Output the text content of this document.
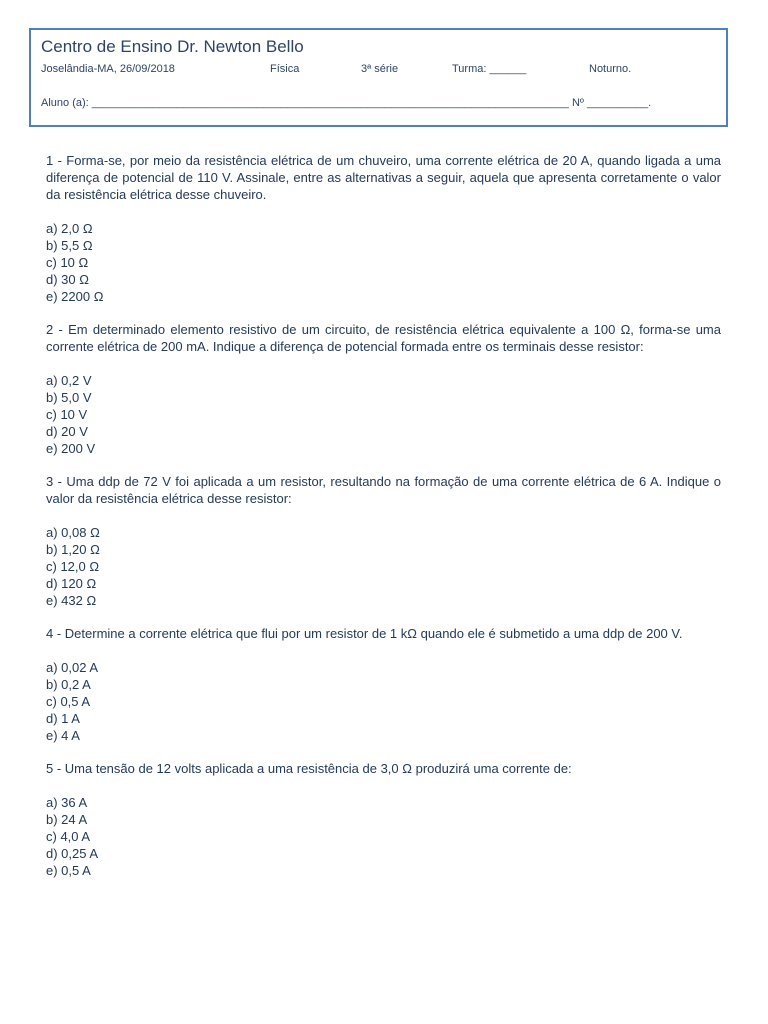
Centro de Ensino Dr. Newton Bello
Joselândia-MA, 26/09/2018	Física	3ª série	Turma: ______	Noturno.
Aluno (a): ______________________________________________________________________________ Nº __________.

1 - Forma-se, por meio da resistência elétrica de um chuveiro, uma corrente elétrica de 20 A, quando ligada a uma diferença de potencial de 110 V. Assinale, entre as alternativas a seguir, aquela que apresenta corretamente o valor da resistência elétrica desse chuveiro.

a) 2,0 Ω
b) 5,5 Ω
c) 10 Ω
d) 30 Ω
e) 2200 Ω

2 - Em determinado elemento resistivo de um circuito, de resistência elétrica equivalente a 100 Ω, forma-se uma corrente elétrica de 200 mA. Indique a diferença de potencial formada entre os terminais desse resistor:

a) 0,2 V
b) 5,0 V
c) 10 V
d) 20 V
e) 200 V

3 - Uma ddp de 72 V foi aplicada a um resistor, resultando na formação de uma corrente elétrica de 6 A. Indique o valor da resistência elétrica desse resistor:

a) 0,08 Ω
b) 1,20 Ω
c) 12,0 Ω
d) 120 Ω
e) 432 Ω

4 - Determine a corrente elétrica que flui por um resistor de 1 kΩ quando ele é submetido a uma ddp de 200 V.

a) 0,02 A
b) 0,2 A
c) 0,5 A
d) 1 A
e) 4 A

5 - Uma tensão de 12 volts aplicada a uma resistência de 3,0 Ω produzirá uma corrente de:

a) 36 A
b) 24 A
c) 4,0 A
d) 0,25 A
e) 0,5 A
